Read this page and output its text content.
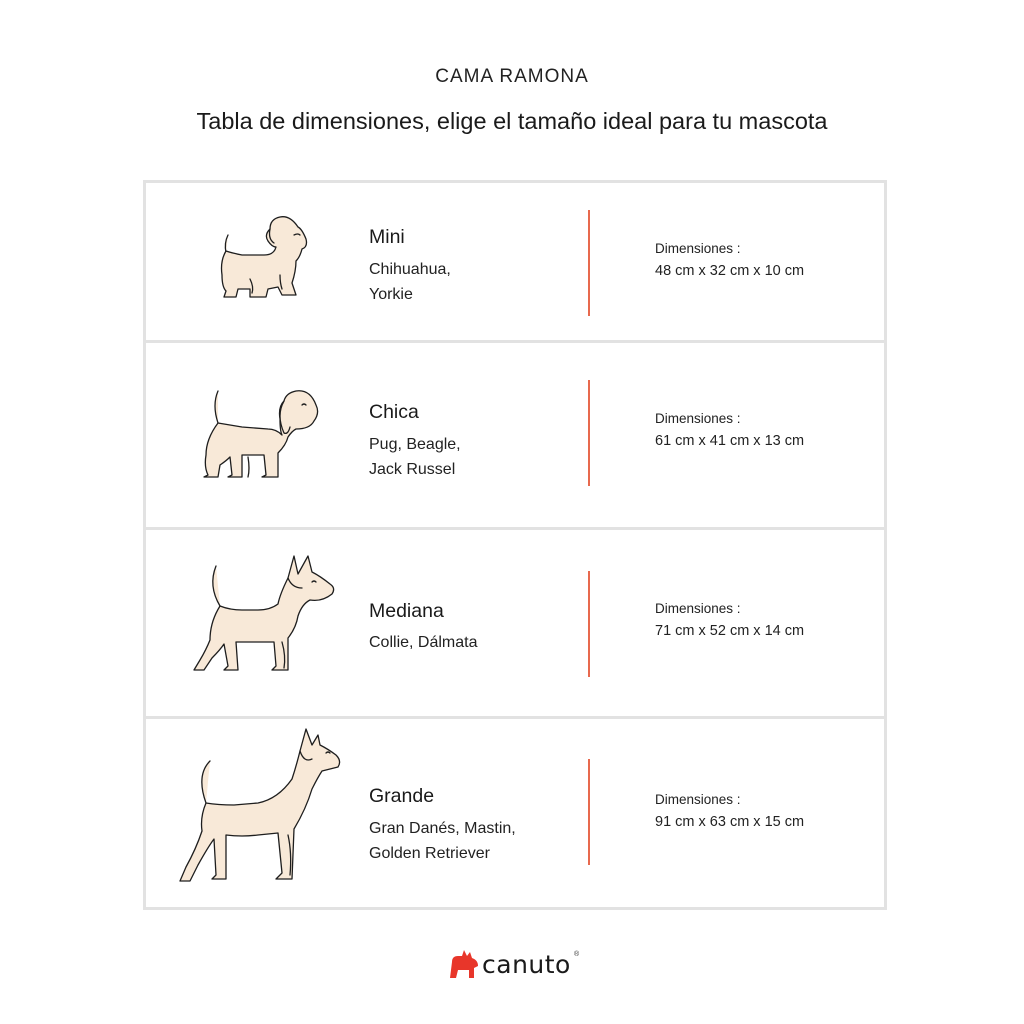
CAMA RAMONA
Tabla de dimensiones, elige el tamaño ideal para tu mascota
Mini
Chihuahua,
Yorkie
Dimensiones :
48 cm x 32 cm x 10 cm
Chica
Pug, Beagle,
Jack Russel
Dimensiones :
61 cm x 41 cm x 13 cm
Mediana
Collie, Dálmata
Dimensiones :
71 cm x 52 cm x 14 cm
Grande
Gran Danés, Mastin,
Golden Retriever
Dimensiones :
91 cm x 63 cm x 15 cm
canuto ®
